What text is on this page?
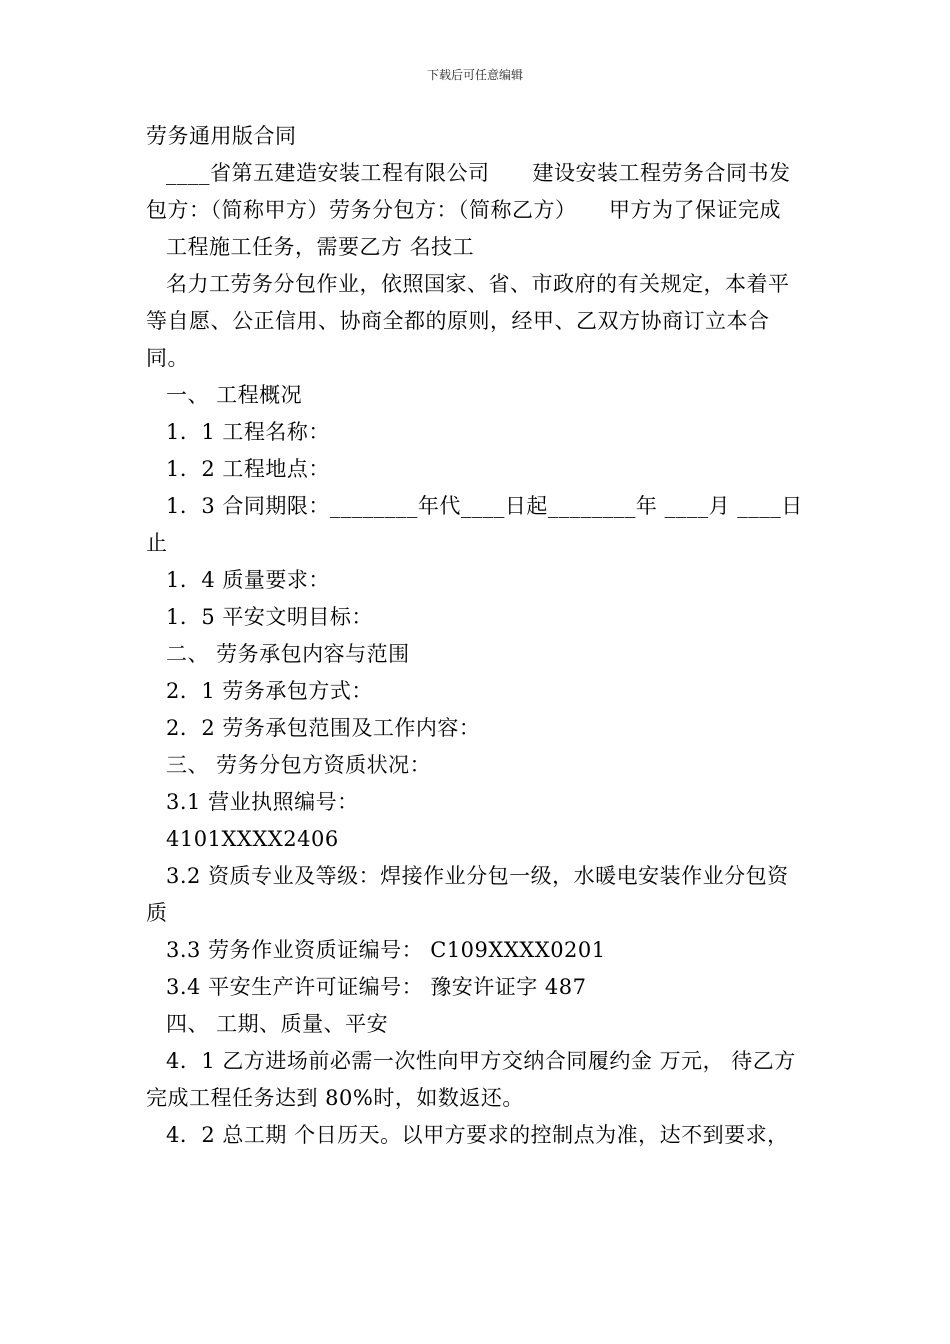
下载后可任意编辑

劳务通用版合同

____省第五建造安装工程有限公司　　建设安装工程劳务合同书发包方：（简称甲方）劳务分包方：（简称乙方）　　甲方为了保证完成

工程施工任务，需要乙方 名技工

名力工劳务分包作业，依照国家、省、市政府的有关规定，本着平等自愿、公正信用、协商全都的原则，经甲、乙双方协商订立本合同。

一、 工程概况

1．1 工程名称：

1．2 工程地点：

1．3 合同期限：________年代____日起________年 ____月 ____日止

1．4 质量要求：

1．5 平安文明目标：

二、 劳务承包内容与范围

2．1 劳务承包方式：

2．2 劳务承包范围及工作内容：

三、 劳务分包方资质状况：

3.1 营业执照编号：

4101XXXX2406

3.2 资质专业及等级：焊接作业分包一级，水暖电安装作业分包资质

3.3 劳务作业资质证编号： C109XXXX0201

3.4 平安生产许可证编号： 豫安许证字 487

四、 工期、质量、平安

4．1 乙方进场前必需一次性向甲方交纳合同履约金 万元， 待乙方完成工程任务达到 80%时，如数返还。

4．2 总工期 个日历天。以甲方要求的控制点为准，达不到要求，
